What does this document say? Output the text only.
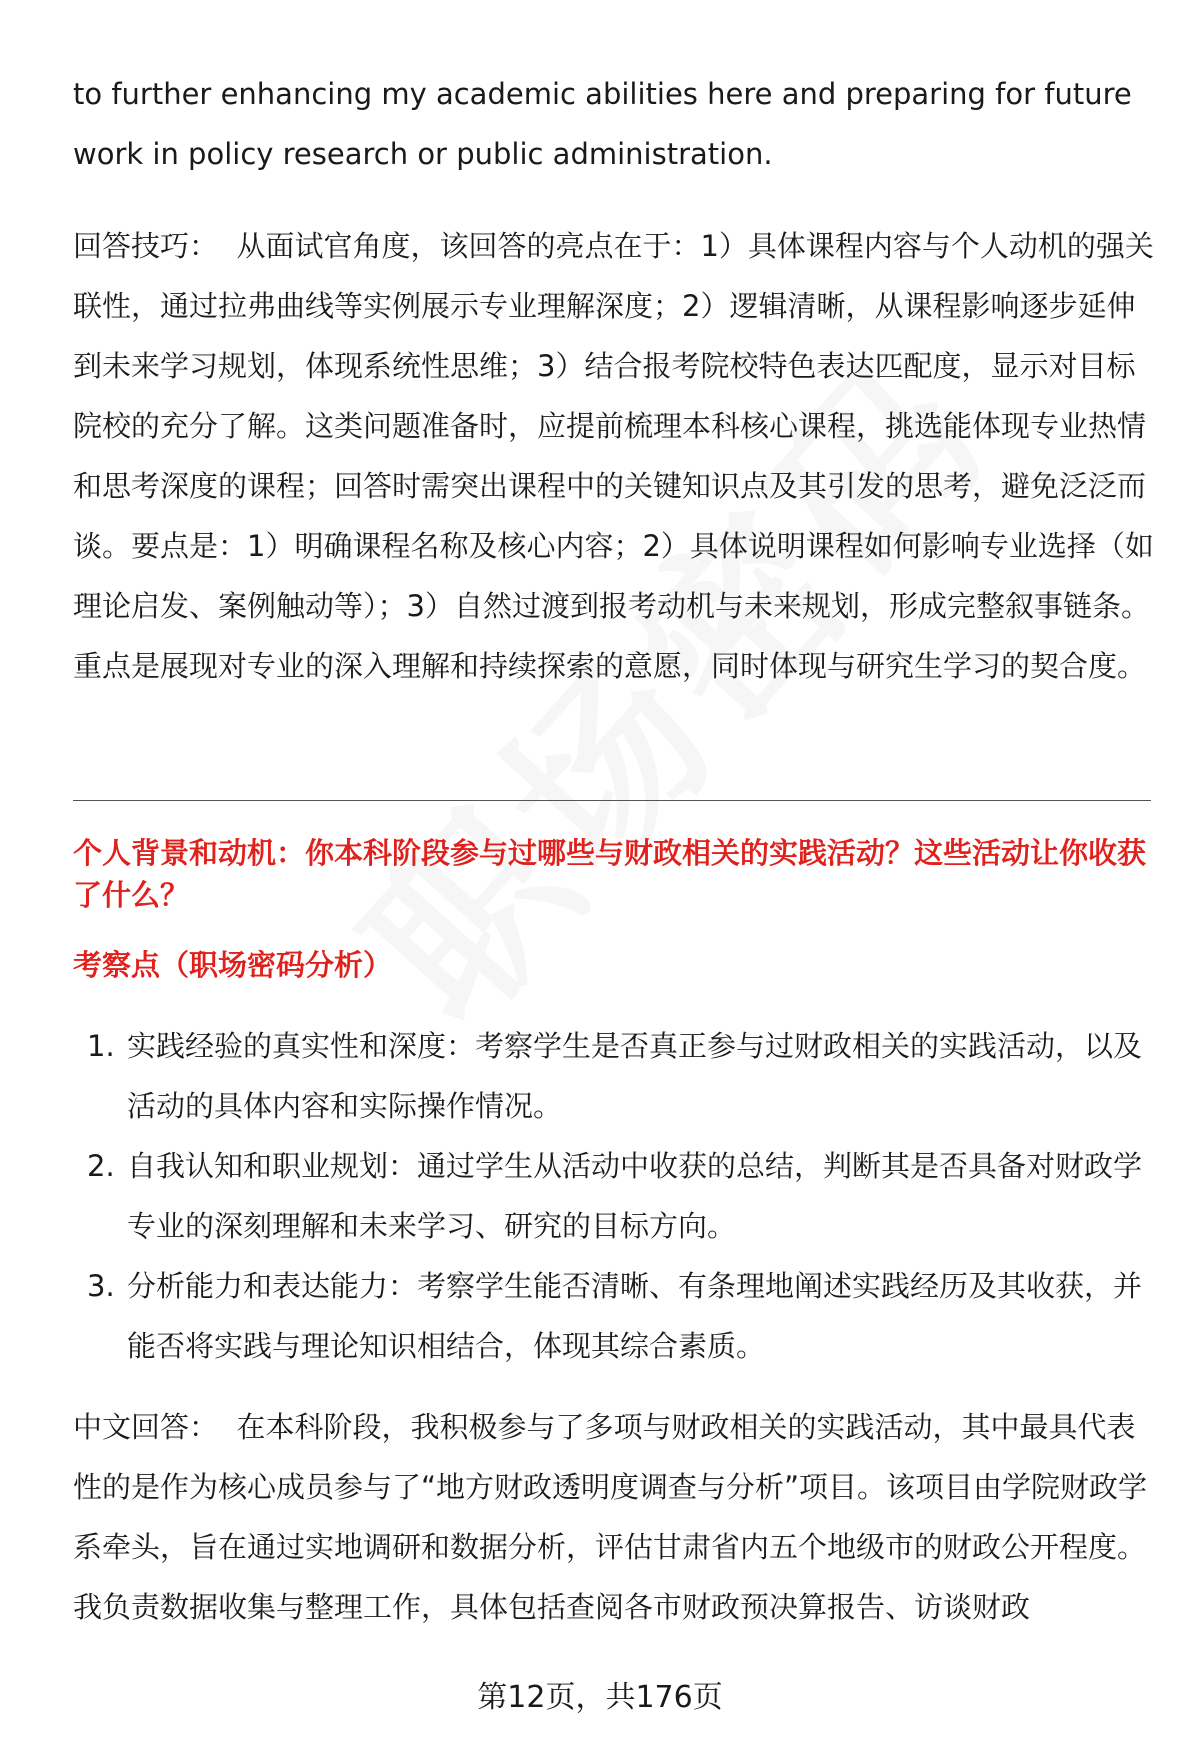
to further enhancing my academic abilities here and preparing for future

work in policy research or public administration.

回答技巧： 从面试官角度，该回答的亮点在于：1）具体课程内容与个人动机的强关联性，通过拉弗曲线等实例展示专业理解深度；2）逻辑清晰，从课程影响逐步延伸到未来学习规划，体现系统性思维；3）结合报考院校特色表达匹配度，显示对目标院校的充分了解。这类问题准备时，应提前梳理本科核心课程，挑选能体现专业热情和思考深度的课程；回答时需突出课程中的关键知识点及其引发的思考，避免泛泛而谈。要点是：1）明确课程名称及核心内容；2）具体说明课程如何影响专业选择（如理论启发、案例触动等）；3）自然过渡到报考动机与未来规划，形成完整叙事链条。重点是展现对专业的深入理解和持续探索的意愿，同时体现与研究生学习的契合度。

个人背景和动机：你本科阶段参与过哪些与财政相关的实践活动？这些活动让你收获了什么？

考察点（职场密码分析）

1. 实践经验的真实性和深度：考察学生是否真正参与过财政相关的实践活动，以及活动的具体内容和实际操作情况。
2. 自我认知和职业规划：通过学生从活动中收获的总结，判断其是否具备对财政学专业的深刻理解和未来学习、研究的目标方向。
3. 分析能力和表达能力：考察学生能否清晰、有条理地阐述实践经历及其收获，并能否将实践与理论知识相结合，体现其综合素质。

中文回答： 在本科阶段，我积极参与了多项与财政相关的实践活动，其中最具代表性的是作为核心成员参与了“地方财政透明度调查与分析”项目。该项目由学院财政学系牵头，旨在通过实地调研和数据分析，评估甘肃省内五个地级市的财政公开程度。我负责数据收集与整理工作，具体包括查阅各市财政预决算报告、访谈财政

第12页，共176页
